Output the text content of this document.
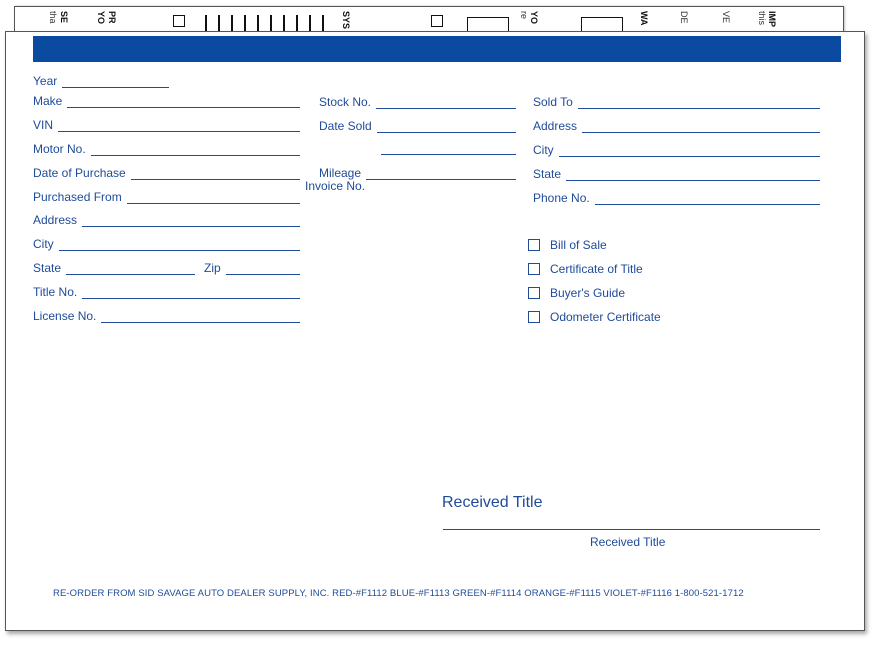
SE
tha	PR
YO	SYS	YO
re	WA	DE	VE	IMP
this
Year
Make
VIN
Motor No.
Date of Purchase
Purchased From
Address
City
State	Zip
Title No.
License No.
Stock No.
Date Sold
Mileage
Invoice No.
Sold To
Address
City
State
Phone No.
Bill of Sale
Certificate of Title
Buyer's Guide
Odometer Certificate
Received Title
Received Title
RE-ORDER FROM SID SAVAGE AUTO DEALER SUPPLY, INC. RED-#F1112 BLUE-#F1113 GREEN-#F1114 ORANGE-#F1115 VIOLET-#F1116 1-800-521-1712
